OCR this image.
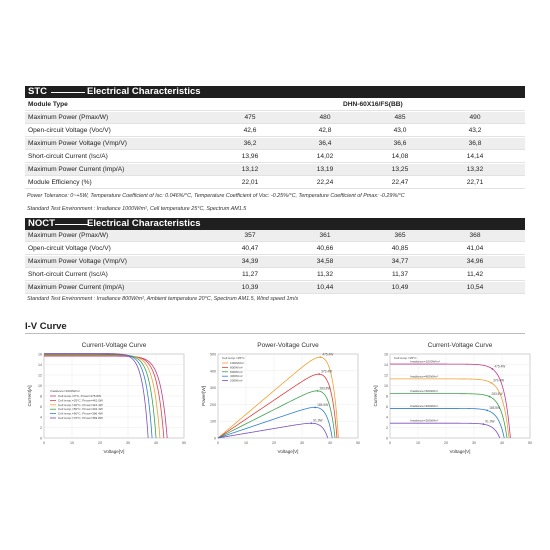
STC	Electrical Characteristics
Module Type	DHN-60X16/FS(BB)
Maximum Power (Pmax/W)	475	480	485	490
Open-circuit Voltage (Voc/V)	42,6	42,8	43,0	43,2
Maximum Power Voltage (Vmp/V)	36,2	36,4	36,6	36,8
Short-circuit Current (Isc/A)	13,96	14,02	14,08	14,14
Maximum Power Current (Imp/A)	13,12	13,19	13,25	13,32
Module Efficiency (%)	22,01	22,24	22,47	22,71
Power Tolerance: 0~+5W, Temperature Coefficient of Isc: 0.046%/°C, Temperature Coefficient of Voc: -0.25%/°C, Temperature Coefficient of Pmax: -0.29%/°C
Standard Test Environment : Irradiance 1000W/m², Cell temperature 25°C, Spectrum AM1.5
NOCT	Electrical Characteristics
Maximum Power (Pmax/W)	357	361	365	368
Open-circuit Voltage (Voc/V)	40,47	40,66	40,85	41,04
Maximum Power Voltage (Vmp/V)	34,39	34,58	34,77	34,96
Short-circuit Current (Isc/A)	11,27	11,32	11,37	11,42
Maximum Power Current (Imp/A)	10,39	10,44	10,49	10,54
Standard Test Environment : Irradiance 800W/m², Ambient temperature 20°C, Spectrum AM1.5, Wind speed 1m/s
I-V Curve
Current-Voltage Curve
0
2
4
6
8
10
12
14
16
0	10	20	30	40	50
Voltage[V]
Current[A]	Irradiance=1000W/m²
Cell temp.=0°C, Pmax=475.8W
Cell temp.=25°C, Pmax=442.0W
Cell temp.=40°C, Pmax=424.4W
Cell temp.=50°C, Pmax=404.4W
Cell temp.=60°C, Pmax=386.4W
Cell temp.=70°C, Pmax=369.8W
Power-Voltage Curve
0
100
200
300
400
500
0	10	20	30	40	50
Voltage[V]
Power[W]
475.4W
379.4W
283.8W
185.5W
91.9W
Cell temp.=25°C
1000W/m²
800W/m²
600W/m²
400W/m²
200W/m²
Current-Voltage Curve
0
2
4
6
8
10
12
14
16
0	10	20	30	40	50
Voltage[V]
Current[A]
475.4W
Irradiance=1000W/m²
379.4W
Irradiance=800W/m²
283.8W
Irradiance=600W/m²
185.5W
Irradiance=400W/m²
91.9W
Irradiance=200W/m²
Cell temp.=25°C
